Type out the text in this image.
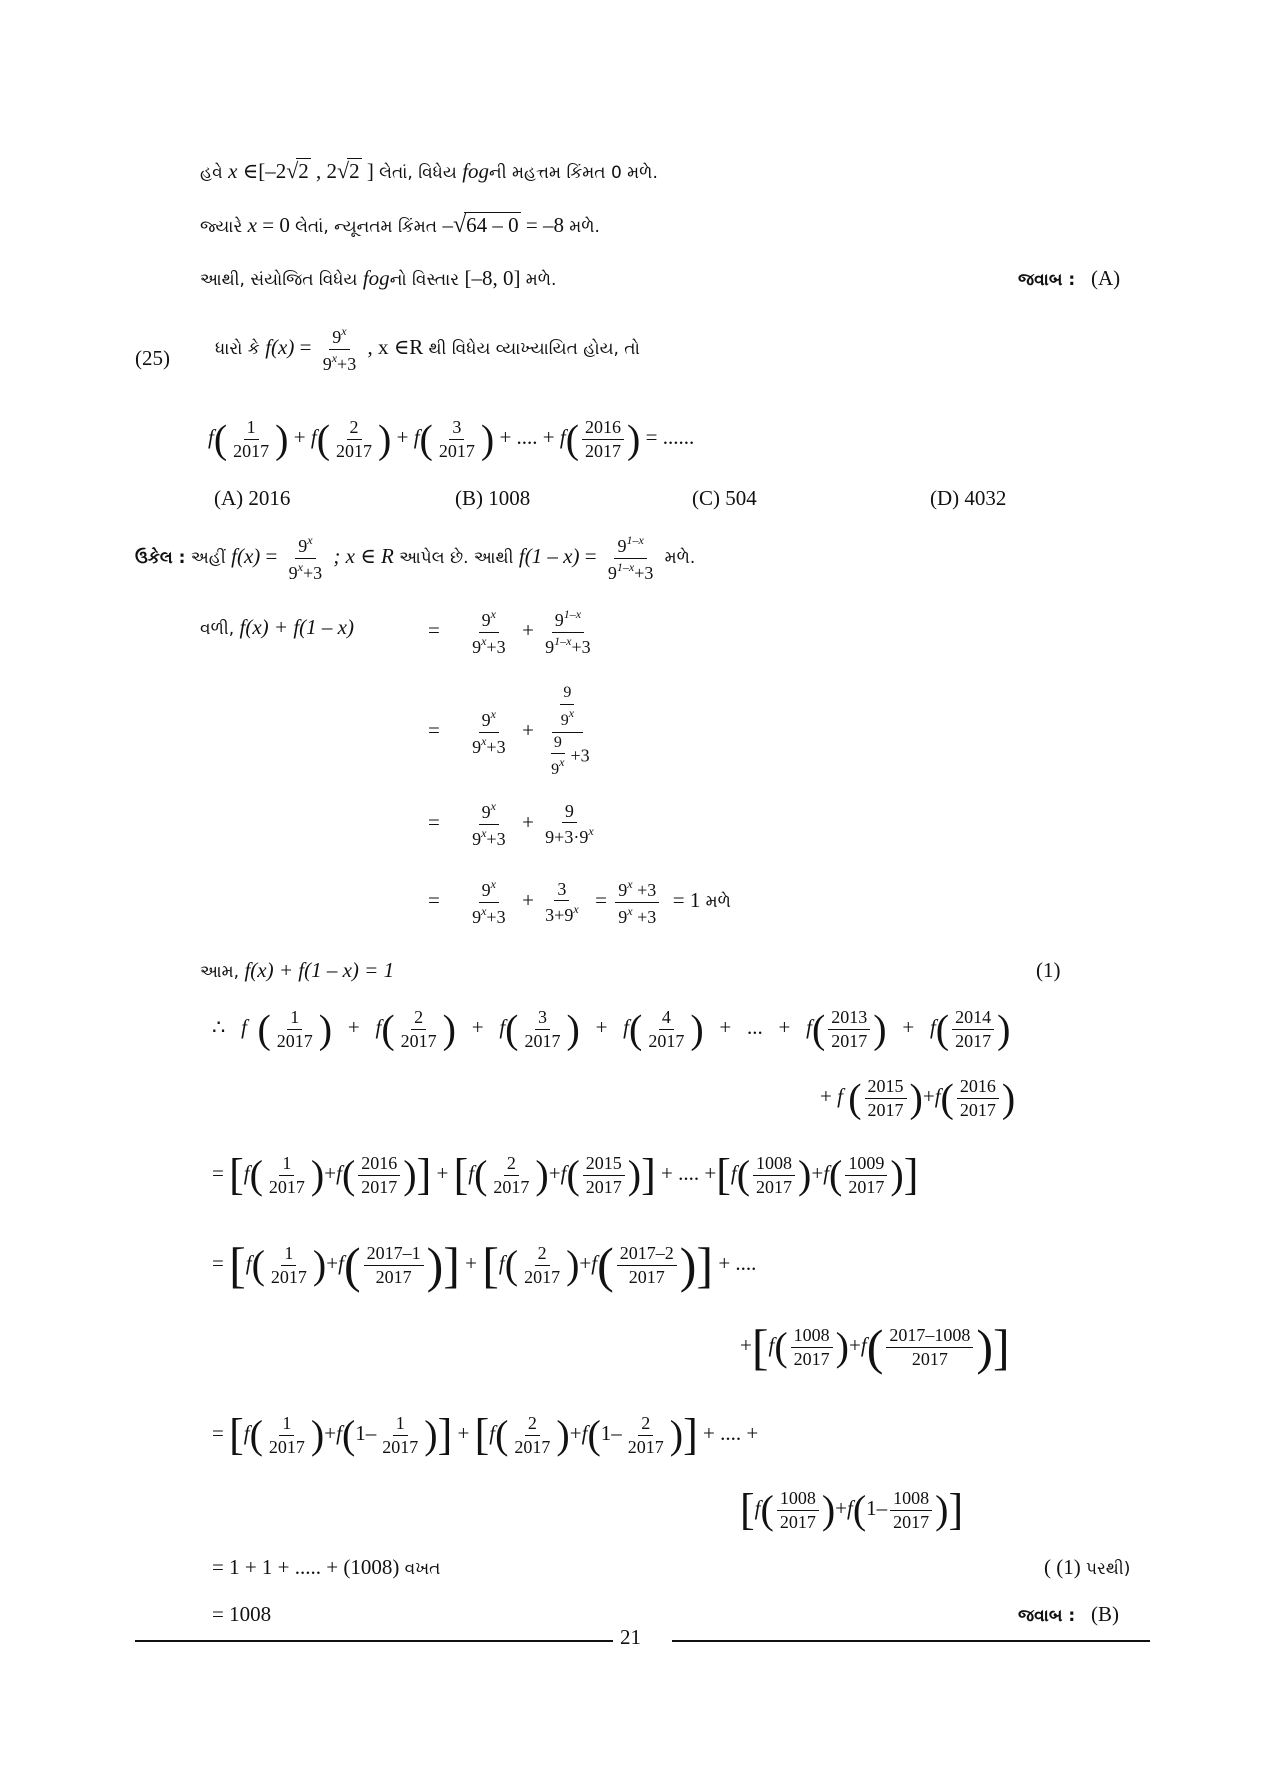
હવે x ∈[–2√2 , 2√2 ] લેતાં, વિધેય fogની મહત્તમ કિંમત 0 મળે.
જ્યારે x = 0 લેતાં, ન્યૂનતમ કિંમત –√64 – 0 = –8 મળે.
આથી, સંયોજિત વિધેય fogનો વિસ્તાર [–8, 0] મળે.	જવાબ : (A)
(25)	ધારો કે $f(x) = \frac{9^x}{9^x+3}$ , x ∈R થી વિધેય વ્યાખ્યાયિત હોય, તો
$f( \frac{1}{2017}$ ) + $f( \frac{2}{2017}$ ) + $f( \frac{3}{2017}$ ) + .... + $f( \frac{2016}{2017}$ ) = ......
(A) 2016	(B) 1008	(C) 504	(D) 4032
ઉકેલ : અહીં $f(x) = \frac{9^x}{9^x+3}$ ; x ∈ R આપેલ છે. આથી $f(1 - x) = \frac{9^{1-x}}{9^{1-x}+3}$ મળે.
વળી, f(x) + f(1 – x)	= $\frac{9^x}{9^x+3} + \frac{9^{1-x}}{9^{1-x}+3}$
= $\frac{9^x}{9^x+3} + \frac{\frac{9}{9^x}}{\frac{9}{9^x} +3}$
= $\frac{9^x}{9^x+3} + \frac{9}{9+3\cdot 9^x}$
= $\frac{9^x}{9^x+3} + \frac{3}{3+9^x} = \frac{9^x +3}{9^x +3} = 1$ મળે
આમ, f(x) + f(1 – x) = 1	(1)
∴ f ( $\frac{1}{2017}$ )   +   $f( \frac{2}{2017}$ )   +   $f( \frac{3}{2017}$ )   +   $f( \frac{4}{2017}$ )   +   ...   +   $f( \frac{2013}{2017}$ )   +   $f( \frac{2014}{2017}$ )
+ f ( $\frac{2015}{2017} )+f( \frac{2016}{2017}$ )
= [$f( \frac{1}{2017} )+f( \frac{2016}{2017}$ )] + [$f( \frac{2}{2017} )+f( \frac{2015}{2017}$ )] + .... $+[f( \frac{1008}{2017} )+f( \frac{1009}{2017}$ )]
= [$f( \frac{1}{2017} )+f( \frac{2017-1}{2017}$ )] + [$f( \frac{2}{2017} )+f( \frac{2017-2}{2017}$ )] + ....
$+[f( \frac{1008}{2017} )+f( \frac{2017-1008}{2017}$ )]
= [$f( \frac{1}{2017} )+f(1- \frac{1}{2017}$ )] + [$f( \frac{2}{2017} )+f(1- \frac{2}{2017}$ )] + .... +
[$f( \frac{1008}{2017} )+f(1- \frac{1008}{2017}$ )]
= 1 + 1 + ..... + (1008) વખત	( (1) પરથી)
= 1008	જવાબ : (B)
21
